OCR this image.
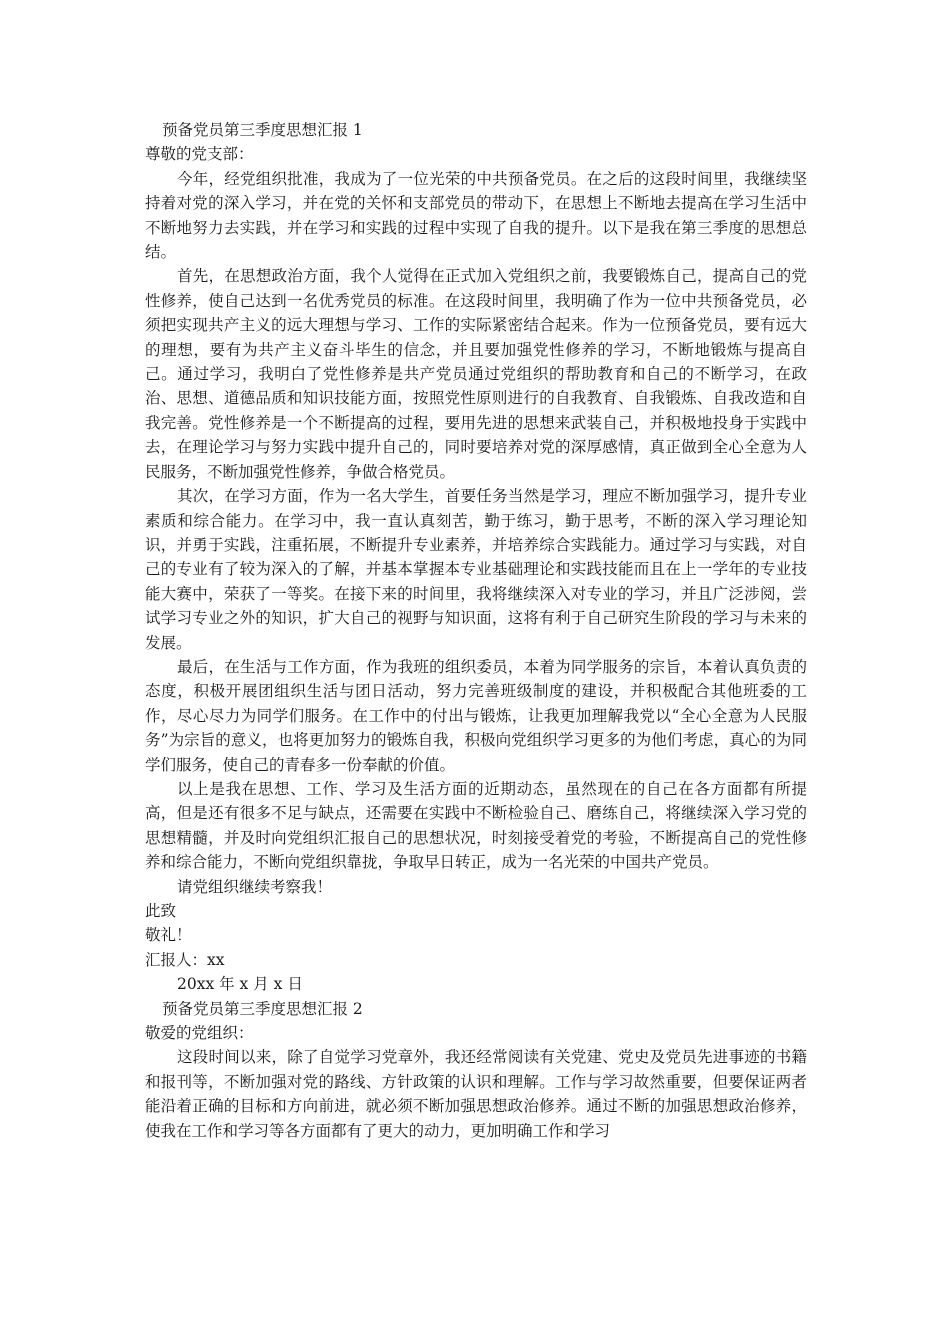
预备党员第三季度思想汇报 1
尊敬的党支部：

今年，经党组织批准，我成为了一位光荣的中共预备党员。在之后的这段时间里，我继续坚持着对党的深入学习，并在党的关怀和支部党员的带动下，在思想上不断地去提高在学习生活中不断地努力去实践，并在学习和实践的过程中实现了自我的提升。以下是我在第三季度的思想总结。

首先，在思想政治方面，我个人觉得在正式加入党组织之前，我要锻炼自己，提高自己的党性修养，使自己达到一名优秀党员的标准。在这段时间里，我明确了作为一位中共预备党员，必须把实现共产主义的远大理想与学习、工作的实际紧密结合起来。作为一位预备党员，要有远大的理想，要有为共产主义奋斗毕生的信念，并且要加强党性修养的学习，不断地锻炼与提高自己。通过学习，我明白了党性修养是共产党员通过党组织的帮助教育和自己的不断学习，在政治、思想、道德品质和知识技能方面，按照党性原则进行的自我教育、自我锻炼、自我改造和自我完善。党性修养是一个不断提高的过程，要用先进的思想来武装自己，并积极地投身于实践中去，在理论学习与努力实践中提升自己的，同时要培养对党的深厚感情，真正做到全心全意为人民服务，不断加强党性修养，争做合格党员。

其次，在学习方面，作为一名大学生，首要任务当然是学习，理应不断加强学习，提升专业素质和综合能力。在学习中，我一直认真刻苦，勤于练习，勤于思考，不断的深入学习理论知识，并勇于实践，注重拓展，不断提升专业素养，并培养综合实践能力。通过学习与实践，对自己的专业有了较为深入的了解，并基本掌握本专业基础理论和实践技能而且在上一学年的专业技能大赛中，荣获了一等奖。在接下来的时间里，我将继续深入对专业的学习，并且广泛涉阅，尝试学习专业之外的知识，扩大自己的视野与知识面，这将有利于自己研究生阶段的学习与未来的发展。

最后，在生活与工作方面，作为我班的组织委员，本着为同学服务的宗旨，本着认真负责的态度，积极开展团组织生活与团日活动，努力完善班级制度的建设，并积极配合其他班委的工作，尽心尽力为同学们服务。在工作中的付出与锻炼，让我更加理解我党以“全心全意为人民服务”为宗旨的意义，也将更加努力的锻炼自我，积极向党组织学习更多的为他们考虑，真心的为同学们服务，使自己的青春多一份奉献的价值。

以上是我在思想、工作、学习及生活方面的近期动态，虽然现在的自己在各方面都有所提高，但是还有很多不足与缺点，还需要在实践中不断检验自己、磨练自己，将继续深入学习党的思想精髓，并及时向党组织汇报自己的思想状况，时刻接受着党的考验，不断提高自己的党性修养和综合能力，不断向党组织靠拢，争取早日转正，成为一名光荣的中国共产党员。

请党组织继续考察我！

此致
敬礼！
汇报人：xx
20xx 年 x 月 x 日
预备党员第三季度思想汇报 2
敬爱的党组织：

这段时间以来，除了自觉学习党章外，我还经常阅读有关党建、党史及党员先进事迹的书籍和报刊等，不断加强对党的路线、方针政策的认识和理解。工作与学习故然重要，但要保证两者能沿着正确的目标和方向前进，就必须不断加强思想政治修养。通过不断的加强思想政治修养，使我在工作和学习等各方面都有了更大的动力，更加明确工作和学习
